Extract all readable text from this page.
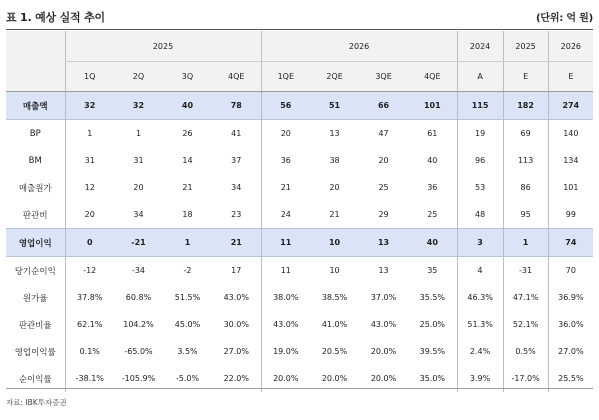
표 1. 예상 실적 추이	(단위: 억 원)
	2025				2026				2024	2025	2026
	1Q	2Q	3Q	4QE	1QE	2QE	3QE	4QE	A	E	E
매출액	32	32	40	78	56	51	66	101	115	182	274
BP	1	1	26	41	20	13	47	61	19	69	140
BM	31	31	14	37	36	38	20	40	96	113	134
매출원가	12	20	21	34	21	20	25	36	53	86	101
판관비	20	34	18	23	24	21	29	25	48	95	99
영업이익	0	-21	1	21	11	10	13	40	3	1	74
당기순이익	-12	-34	-2	17	11	10	13	35	4	-31	70
원가율	37.8%	60.8%	51.5%	43.0%	38.0%	38.5%	37.0%	35.5%	46.3%	47.1%	36.9%
판관비율	62.1%	104.2%	45.0%	30.0%	43.0%	41.0%	43.0%	25.0%	51.3%	52.1%	36.0%
영업이익률	0.1%	-65.0%	3.5%	27.0%	19.0%	20.5%	20.0%	39.5%	2.4%	0.5%	27.0%
순이익률	-38.1%	-105.9%	-5.0%	22.0%	20.0%	20.0%	20.0%	35.0%	3.9%	-17.0%	25.5%
자료: IBK투자증권
